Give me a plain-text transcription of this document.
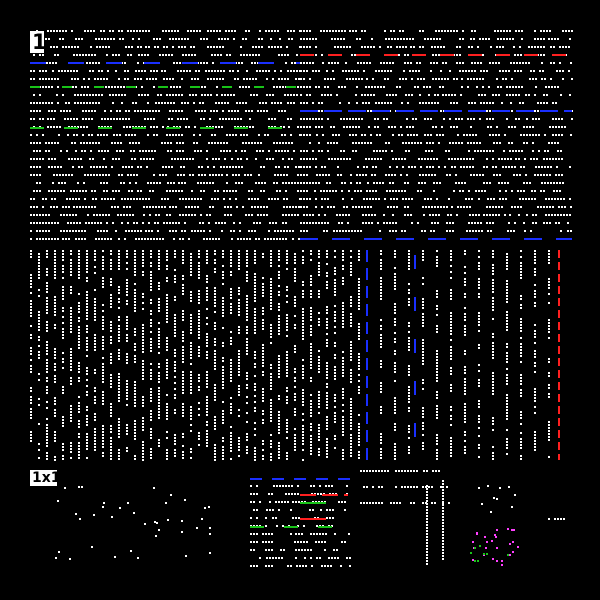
1
1x1
